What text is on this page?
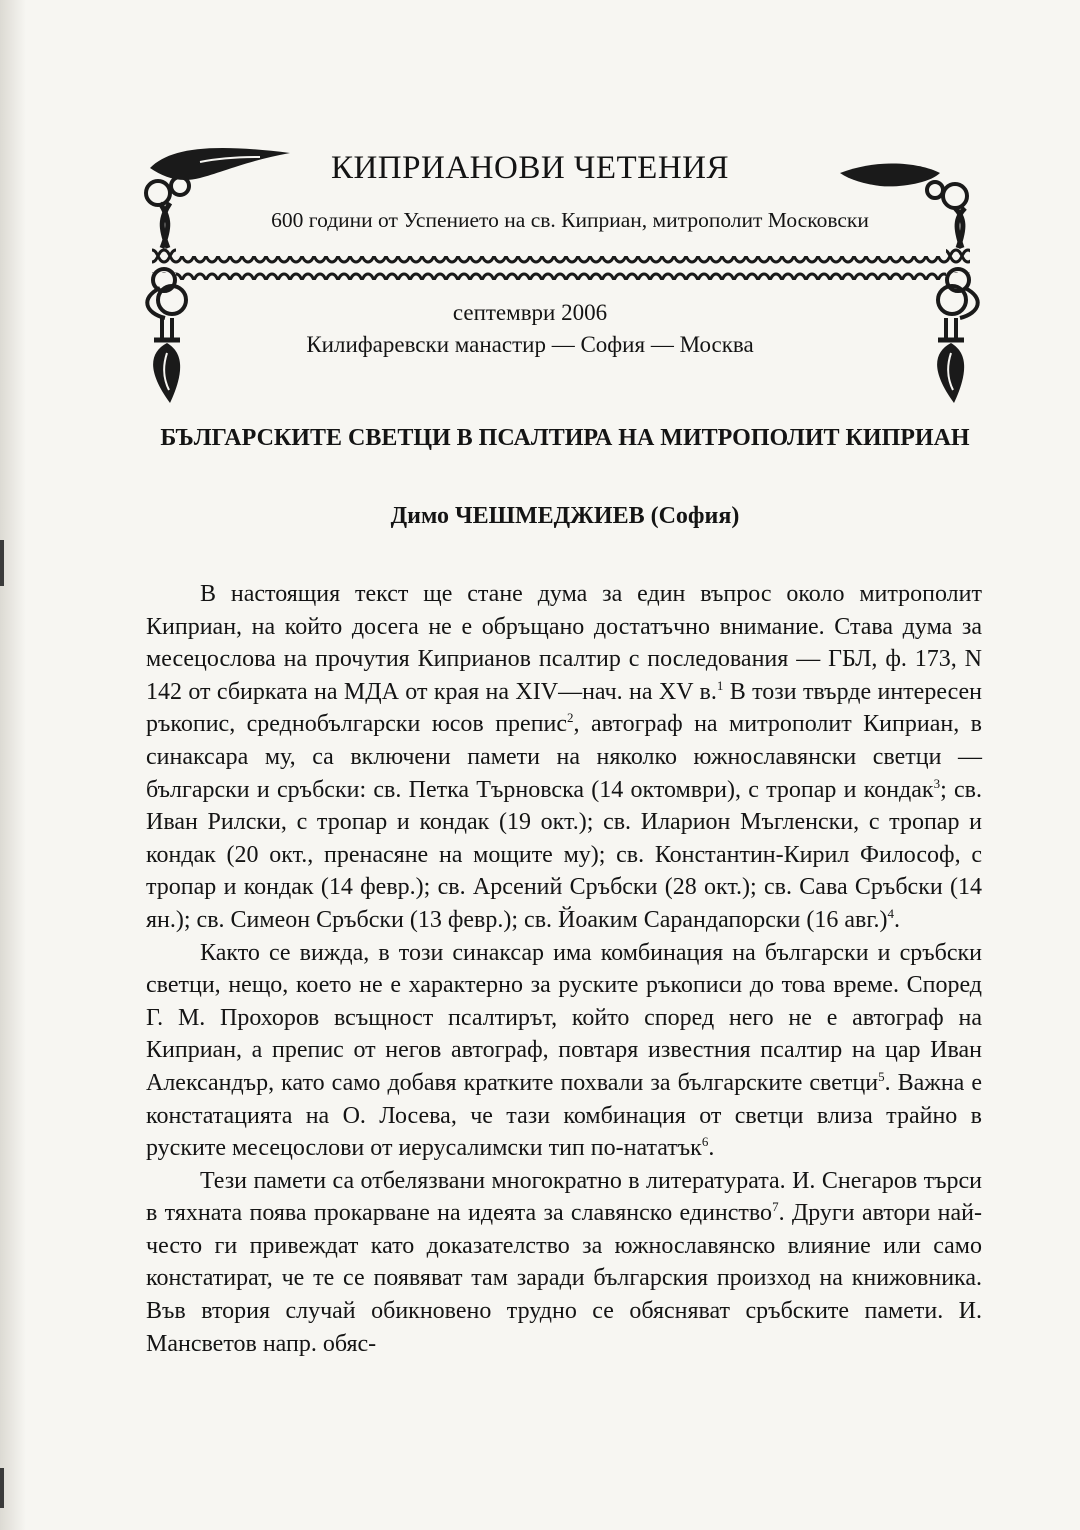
КИПРИАНОВИ ЧЕТЕНИЯ
600 години от Успението на св. Киприан, митрополит Московски
септември 2006
Килифаревски манастир — София — Москва
БЪЛГАРСКИТЕ СВЕТЦИ В ПСАЛТИРА НА МИТРОПОЛИТ КИПРИАН
Димо ЧЕШМЕДЖИЕВ (София)

В настоящия текст ще стане дума за един въпрос около митрополит Киприан, на който досега не е обръщано достатъчно внимание. Става дума за месецослова на прочутия Киприанов псалтир с последования — ГБЛ, ф. 173, N 142 от сбирката на МДА от края на XIV—нач. на XV в.$^1$ В този твърде интересен ръкопис, среднобългарски юсов препис$^2$, автограф на митрополит Киприан, в синаксара му, са включени памети на няколко южнославянски светци — български и сръбски: св. Петка Търновска (14 октомври), с тропар и кондак$^3$; св. Иван Рилски, с тропар и кондак (19 окт.); св. Иларион Мъгленски, с тропар и кондак (20 окт., пренасяне на мощите му); св. Константин-Кирил Философ, с тропар и кондак (14 февр.); св. Арсений Сръбски (28 окт.); св. Сава Сръбски (14 ян.); св. Симеон Сръбски (13 февр.); св. Йоаким Сарандапорски (16 авг.)$^4$.

Както се вижда, в този синаксар има комбинация на български и сръбски светци, нещо, което не е характерно за руските ръкописи до това време. Според Г. М. Прохоров всъщност псалтирът, който според него не е автограф на Киприан, а препис от негов автограф, повтаря известния псалтир на цар Иван Александър, като само добавя кратките похвали за българските светци$^5$. Важна е констатацията на О. Лосева, че тази комбинация от светци влиза трайно в руските месецослови от иерусалимски тип по-нататък$^6$.

Тези памети са отбелязвани многократно в литературата. И. Снегаров търси в тяхната поява прокарване на идеята за славянско единство$^7$. Други автори най-често ги привеждат като доказателство за южнославянско влияние или само констатират, че те се появяват там заради българския произход на книжовника. Във втория случай обикновено трудно се обясняват сръбските памети. И. Мансветов напр. обяс-
